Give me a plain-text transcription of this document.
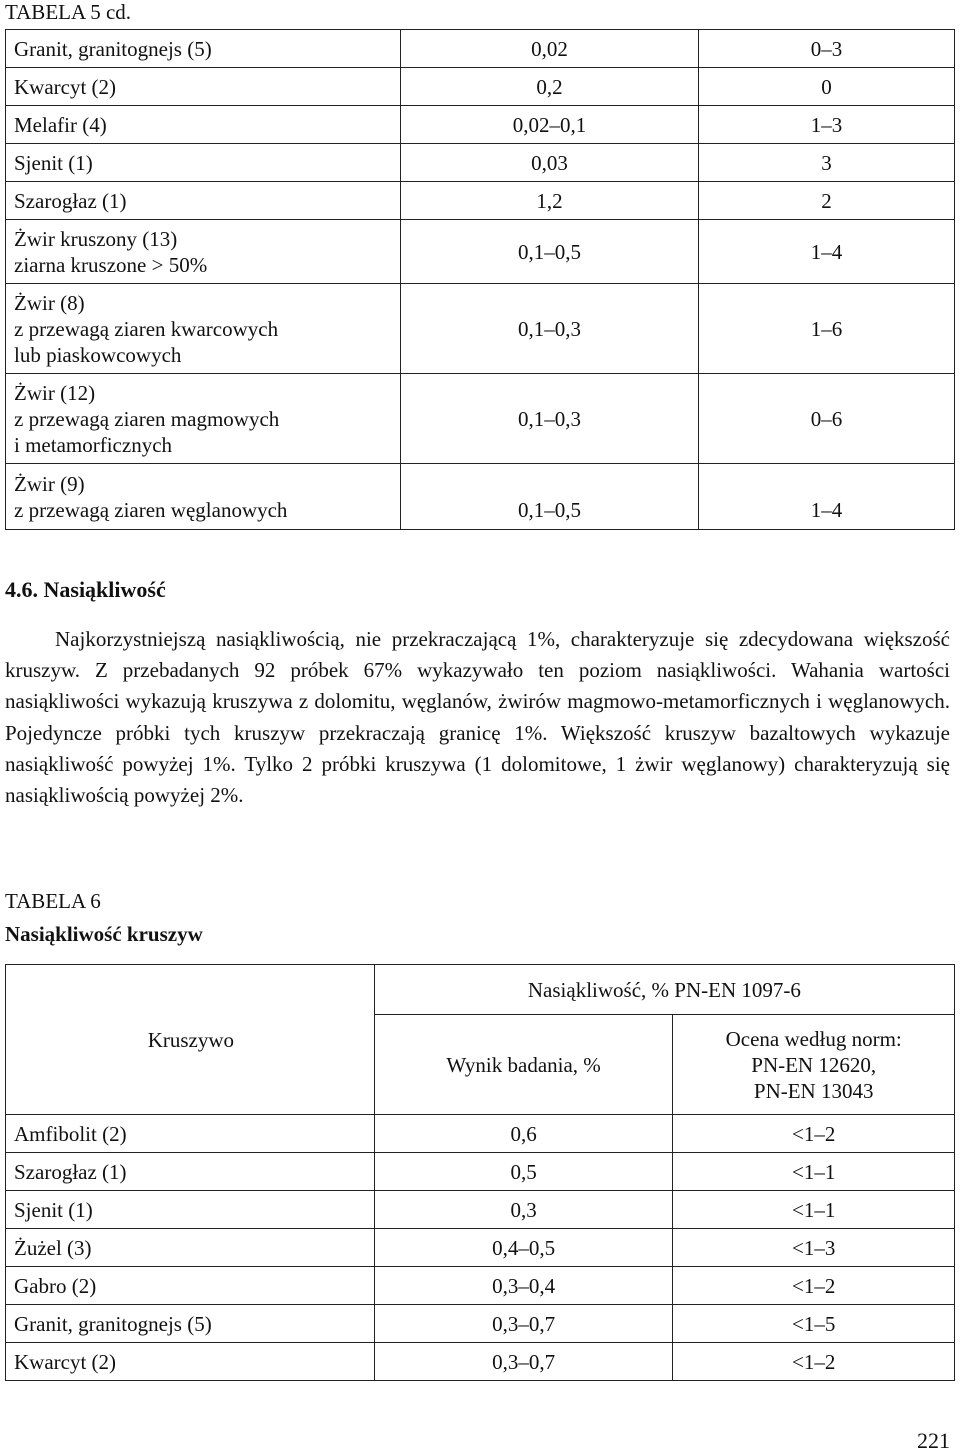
TABELA 5 cd.
Granit, granitognejs (5)	0,02	0–3
Kwarcyt (2)	0,2	0
Melafir (4)	0,02–0,1	1–3
Sjenit (1)	0,03	3
Szarogłaz (1)	1,2	2

Żwir kruszony (13)
ziarna kruszone > 50%	0,1–0,5	1–4

Żwir (8)
z przewagą ziaren kwarcowych
lub piaskowcowych	0,1–0,3	1–6

Żwir (12)
z przewagą ziaren magmowych
i metamorficznych	0,1–0,3	0–6

Żwir (9)
z przewagą ziaren węglanowych	0,1–0,5	1–4
4.6. Nasiąkliwość
Najkorzystniejszą nasiąkliwością, nie przekraczającą 1%, charakteryzuje się zdecydowana większość kruszyw. Z przebadanych 92 próbek 67% wykazywało ten poziom nasiąkliwości. Wahania wartości nasiąkliwości wykazują kruszywa z dolomitu, węglanów, żwirów magmowo-metamorficznych i węglanowych. Pojedyncze próbki tych kruszyw przekraczają granicę 1%. Większość kruszyw bazaltowych wykazuje nasiąkliwość powyżej 1%. Tylko 2 próbki kruszywa (1 dolomitowe, 1 żwir węglanowy) charakteryzują się nasiąkliwością powyżej 2%.
TABELA 6
Nasiąkliwość kruszyw
Kruszywo	Nasiąkliwość, % PN-EN 1097-6	
	Wynik badania, %	Ocena według norm:
PN-EN 12620,
PN-EN 13043

Amfibolit (2)	0,6	<1–2
Szarogłaz (1)	0,5	<1–1
Sjenit (1)	0,3	<1–1
Żużel (3)	0,4–0,5	<1–3
Gabro (2)	0,3–0,4	<1–2
Granit, granitognejs (5)	0,3–0,7	<1–5
Kwarcyt (2)	0,3–0,7	<1–2
221
